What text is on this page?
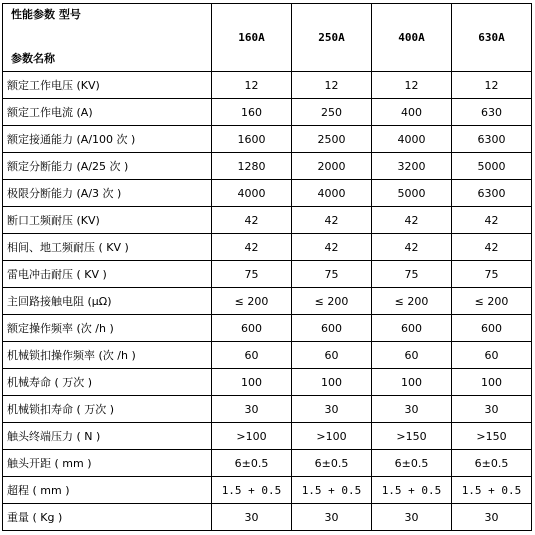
性能参数 型号
参数名称	160A	250A	400A	630A
额定工作电压 (KV)	12	12	12	12
额定工作电流 (A)	160	250	400	630
额定接通能力 (A/100 次 )	1600	2500	4000	6300
额定分断能力 (A/25 次 )	1280	2000	3200	5000
极限分断能力 (A/3 次 )	4000	4000	5000	6300
断口工频耐压 (KV)	42	42	42	42
相间、地工频耐压 ( KV )	42	42	42	42
雷电冲击耐压 ( KV )	75	75	75	75
主回路接触电阻 (μΩ)	≤ 200	≤ 200	≤ 200	≤ 200
额定操作频率 (次 /h )	600	600	600	600
机械锁扣操作频率 (次 /h )	60	60	60	60
机械寿命 ( 万次 )	100	100	100	100
机械锁扣寿命 ( 万次 )	30	30	30	30
触头终端压力 ( N )	>100	>100	>150	>150
触头开距 ( mm )	6±0.5	6±0.5	6±0.5	6±0.5
超程 ( mm )	1.5 + 0.5	1.5 + 0.5	1.5 + 0.5	1.5 + 0.5
重量 ( Kg )	30	30	30	30
